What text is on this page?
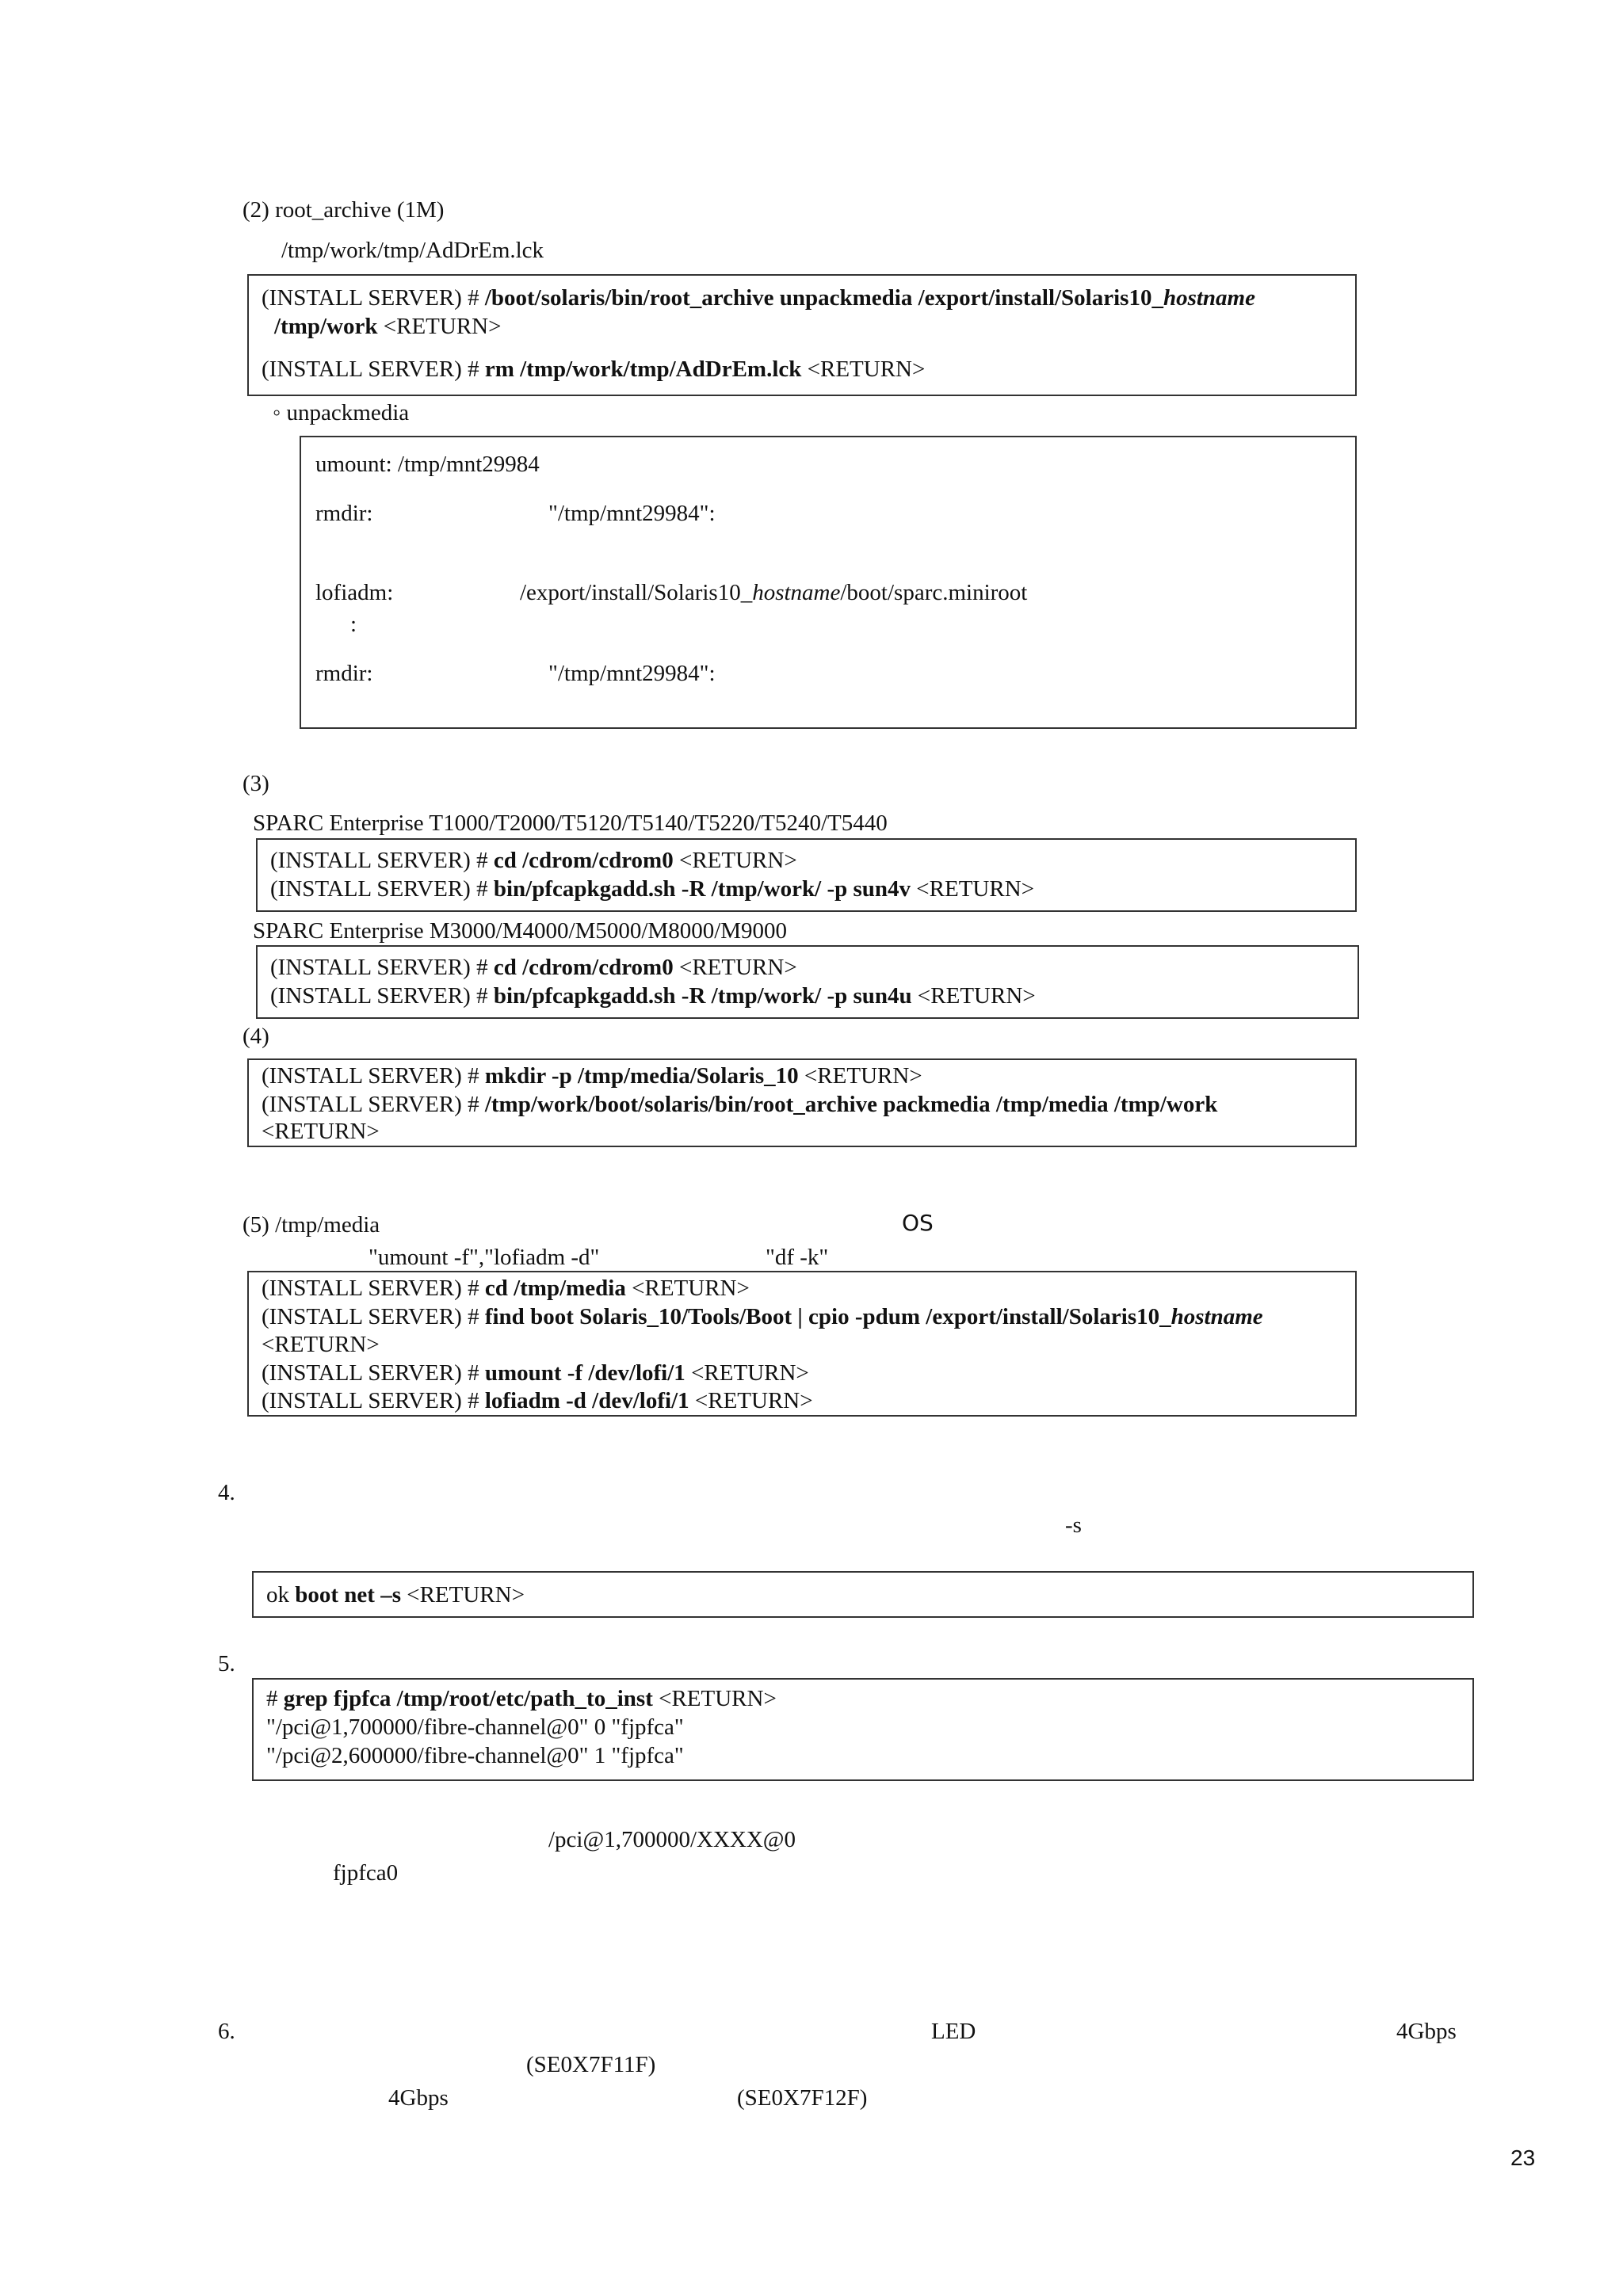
(2) root_archive (1M)
/tmp/work/tmp/AdDrEm.lck
(INSTALL SERVER) # /boot/solaris/bin/root_archive unpackmedia /export/install/Solaris10_hostname
/tmp/work <RETURN>
(INSTALL SERVER) # rm /tmp/work/tmp/AdDrEm.lck <RETURN>
◦ unpackmedia
umount: /tmp/mnt29984
rmdir:	"/tmp/mnt29984":
lofiadm:	/export/install/Solaris10_hostname/boot/sparc.miniroot
:
rmdir:	"/tmp/mnt29984":
(3)
SPARC Enterprise T1000/T2000/T5120/T5140/T5220/T5240/T5440
(INSTALL SERVER) # cd /cdrom/cdrom0 <RETURN>
(INSTALL SERVER) # bin/pfcapkgadd.sh -R /tmp/work/ -p sun4v <RETURN>
SPARC Enterprise M3000/M4000/M5000/M8000/M9000
(INSTALL SERVER) # cd /cdrom/cdrom0 <RETURN>
(INSTALL SERVER) # bin/pfcapkgadd.sh -R /tmp/work/ -p sun4u <RETURN>
(4)
(INSTALL SERVER) # mkdir -p /tmp/media/Solaris_10 <RETURN>
(INSTALL SERVER) # /tmp/work/boot/solaris/bin/root_archive packmedia /tmp/media /tmp/work
<RETURN>
(5) /tmp/media	OS
"umount -f","lofiadm -d"	"df -k"
(INSTALL SERVER) # cd /tmp/media <RETURN>
(INSTALL SERVER) # find boot Solaris_10/Tools/Boot | cpio -pdum /export/install/Solaris10_hostname
<RETURN>
(INSTALL SERVER) # umount -f /dev/lofi/1 <RETURN>
(INSTALL SERVER) # lofiadm -d /dev/lofi/1 <RETURN>
4.
-s
ok boot net –s <RETURN>
5.
# grep fjpfca /tmp/root/etc/path_to_inst <RETURN>
"/pci@1,700000/fibre-channel@0" 0 "fjpfca"
"/pci@2,600000/fibre-channel@0" 1 "fjpfca"
/pci@1,700000/XXXX@0
fjpfca0
6.	LED	4Gbps
(SE0X7F11F)
4Gbps	(SE0X7F12F)
23
